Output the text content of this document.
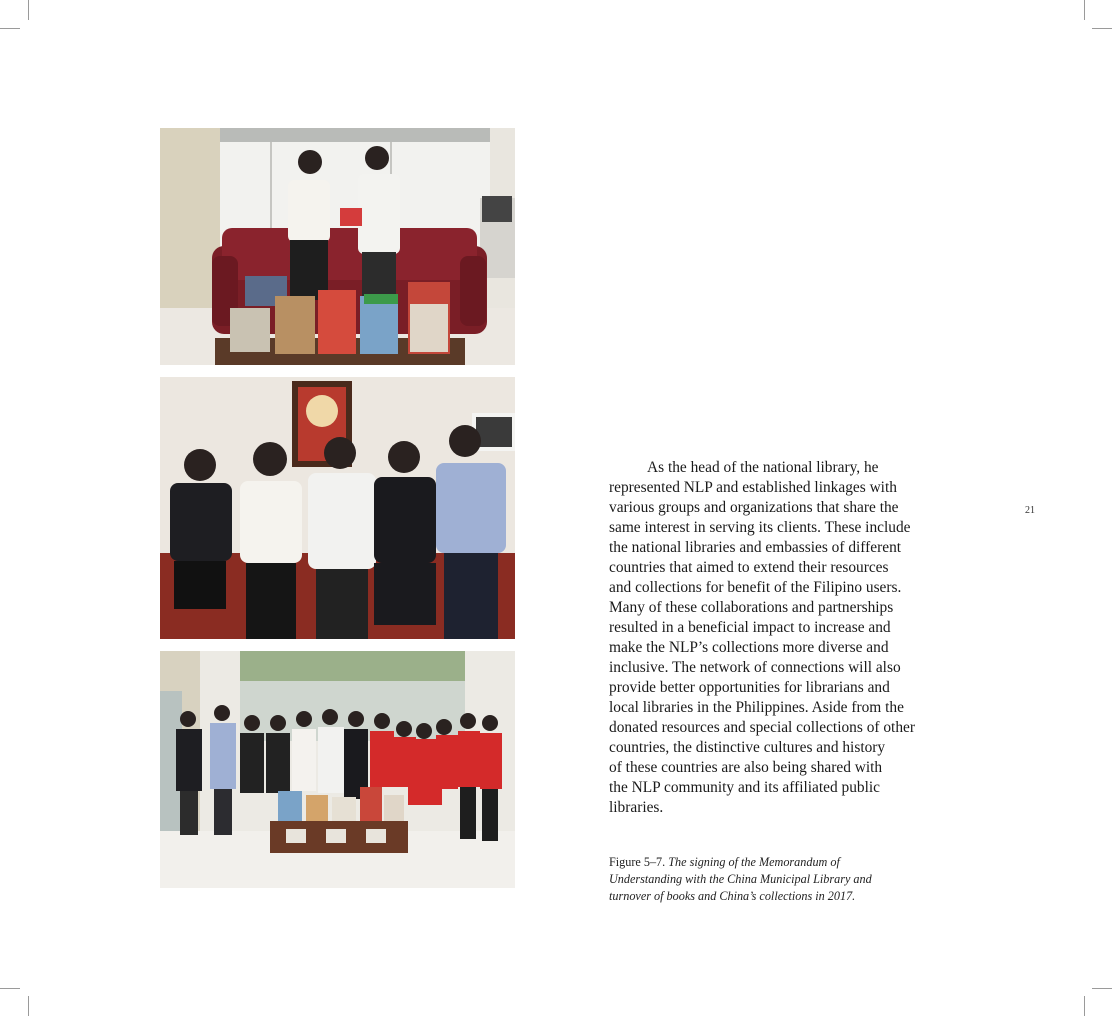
As the head of the national library, he
represented NLP and established linkages with
various groups and organizations that share the
same interest in serving its clients. These include
the national libraries and embassies of different
countries that aimed to extend their resources
and collections for benefit of the Filipino users.
Many of these collaborations and partnerships
resulted in a beneficial impact to increase and
make the NLP’s collections more diverse and
inclusive. The network of connections will also
provide better opportunities for librarians and
local libraries in the Philippines. Aside from the
donated resources and special collections of other
countries, the distinctive cultures and history
of these countries are also being shared with
the NLP community and its affiliated public
libraries.

Figure 5–7. The signing of the Memorandum of
Understanding with the China Municipal Library and
turnover of books and China’s collections in 2017.

21
